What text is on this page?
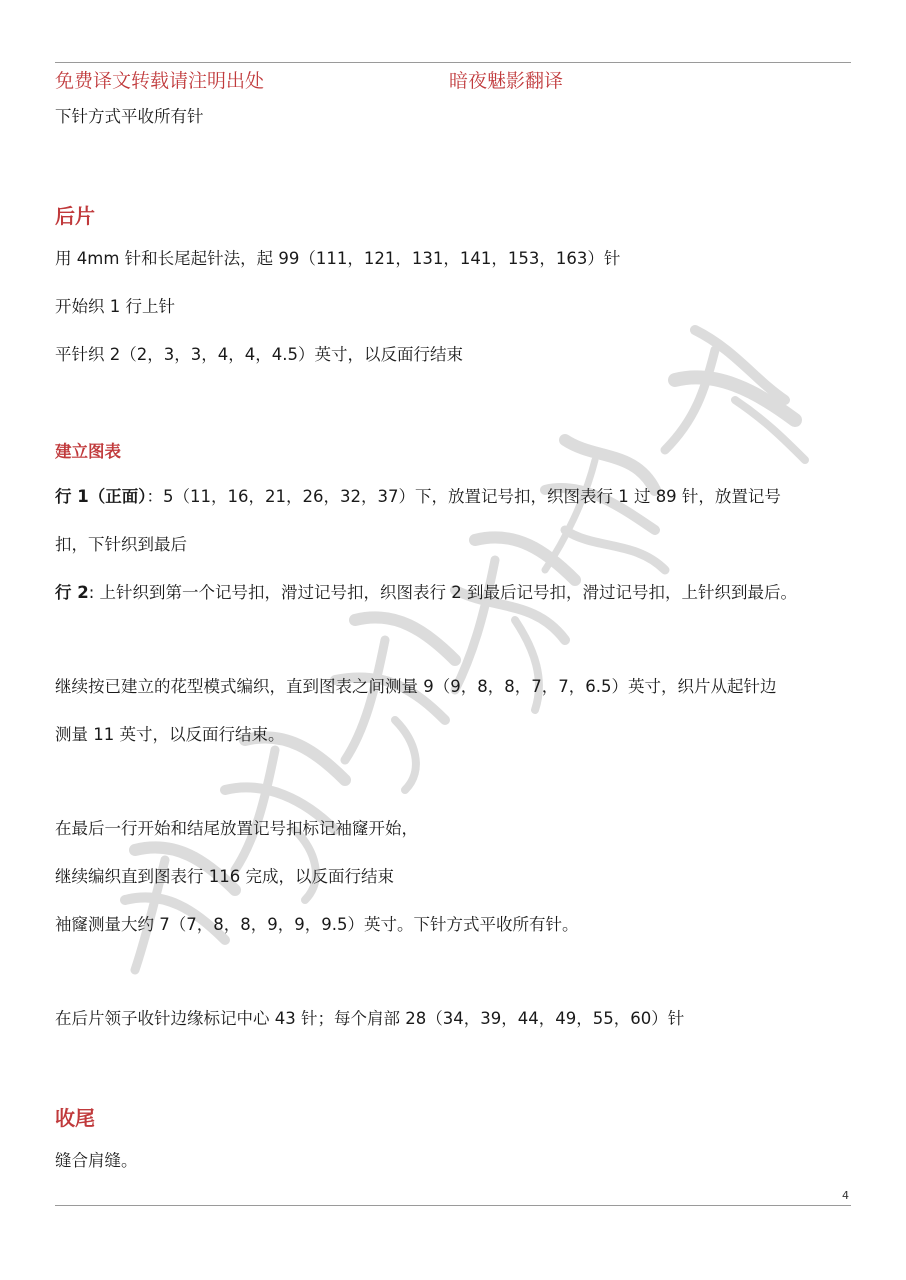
免费译文转载请注明出处	暗夜魅影翻译
下针方式平收所有针
后片
用 4mm 针和长尾起针法，起 99（111，121，131，141，153，163）针
开始织 1 行上针
平针织 2（2，3，3，4，4，4.5）英寸，以反面行结束
建立图表
行 1（正面）：5（11，16，21，26，32，37）下，放置记号扣，织图表行 1 过 89 针，放置记号
扣，下针织到最后
行 2: 上针织到第一个记号扣，滑过记号扣，织图表行 2 到最后记号扣，滑过记号扣，上针织到最后。
继续按已建立的花型模式编织，直到图表之间测量 9（9，8，8，7，7，6.5）英寸，织片从起针边
测量 11 英寸，以反面行结束。
在最后一行开始和结尾放置记号扣标记袖窿开始，
继续编织直到图表行 116 完成，以反面行结束
袖窿测量大约 7（7，8，8，9，9，9.5）英寸。下针方式平收所有针。
在后片领子收针边缘标记中心 43 针；每个肩部 28（34，39，44，49，55，60）针
收尾
缝合肩缝。
4
